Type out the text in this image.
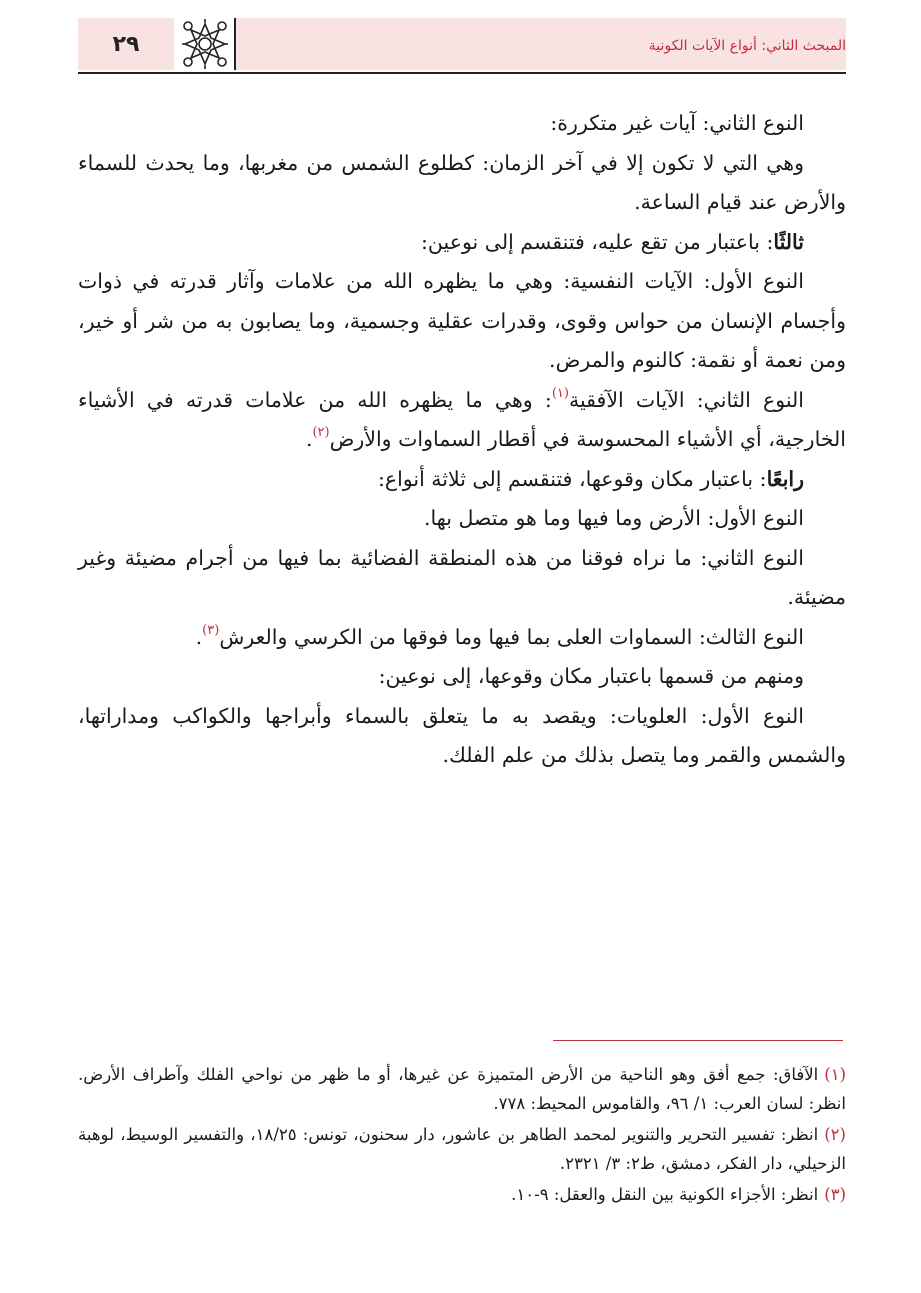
المبحث الثاني: أنواع الآيات الكونية
٢٩

النوع الثاني: آيات غير متكررة:

وهي التي لا تكون إلا في آخر الزمان: كطلوع الشمس من مغربها، وما يحدث للسماء والأرض عند قيام الساعة.

ثالثًا: باعتبار من تقع عليه، فتنقسم إلى نوعين:

النوع الأول: الآيات النفسية: وهي ما يظهره الله من علامات وآثار قدرته في ذوات وأجسام الإنسان من حواس وقوى، وقدرات عقلية وجسمية، وما يصابون به من شر أو خير، ومن نعمة أو نقمة: كالنوم والمرض.

النوع الثاني: الآيات الآفقية$^{(١)}$: وهي ما يظهره الله من علامات قدرته في الأشياء الخارجية، أي الأشياء المحسوسة في أقطار السماوات والأرض$^{(٢)}$.

رابعًا: باعتبار مكان وقوعها، فتنقسم إلى ثلاثة أنواع:

النوع الأول: الأرض وما فيها وما هو متصل بها.

النوع الثاني: ما نراه فوقنا من هذه المنطقة الفضائية بما فيها من أجرام مضيئة وغير مضيئة.

النوع الثالث: السماوات العلى بما فيها وما فوقها من الكرسي والعرش$^{(٣)}$.

ومنهم من قسمها باعتبار مكان وقوعها، إلى نوعين:

النوع الأول: العلويات: ويقصد به ما يتعلق بالسماء وأبراجها والكواكب ومداراتها، والشمس والقمر وما يتصل بذلك من علم الفلك.

(١)الآفاق: جمع أفق وهو الناحية من الأرض المتميزة عن غيرها، أو ما ظهر من نواحي الفلك وآطراف الأرض. انظر: لسان العرب: ١/ ٩٦، والقاموس المحيط: ٧٧٨.
(٢)انظر: تفسير التحرير والتنوير لمحمد الطاهر بن عاشور، دار سحنون، تونس: ١٨/٢٥، والتفسير الوسيط، لوهبة الزحيلي، دار الفكر، دمشق، ط٢: ٣/ ٢٣٢١.
(٣)انظر: الأجزاء الكونية بين النقل والعقل: ٩-١٠.
